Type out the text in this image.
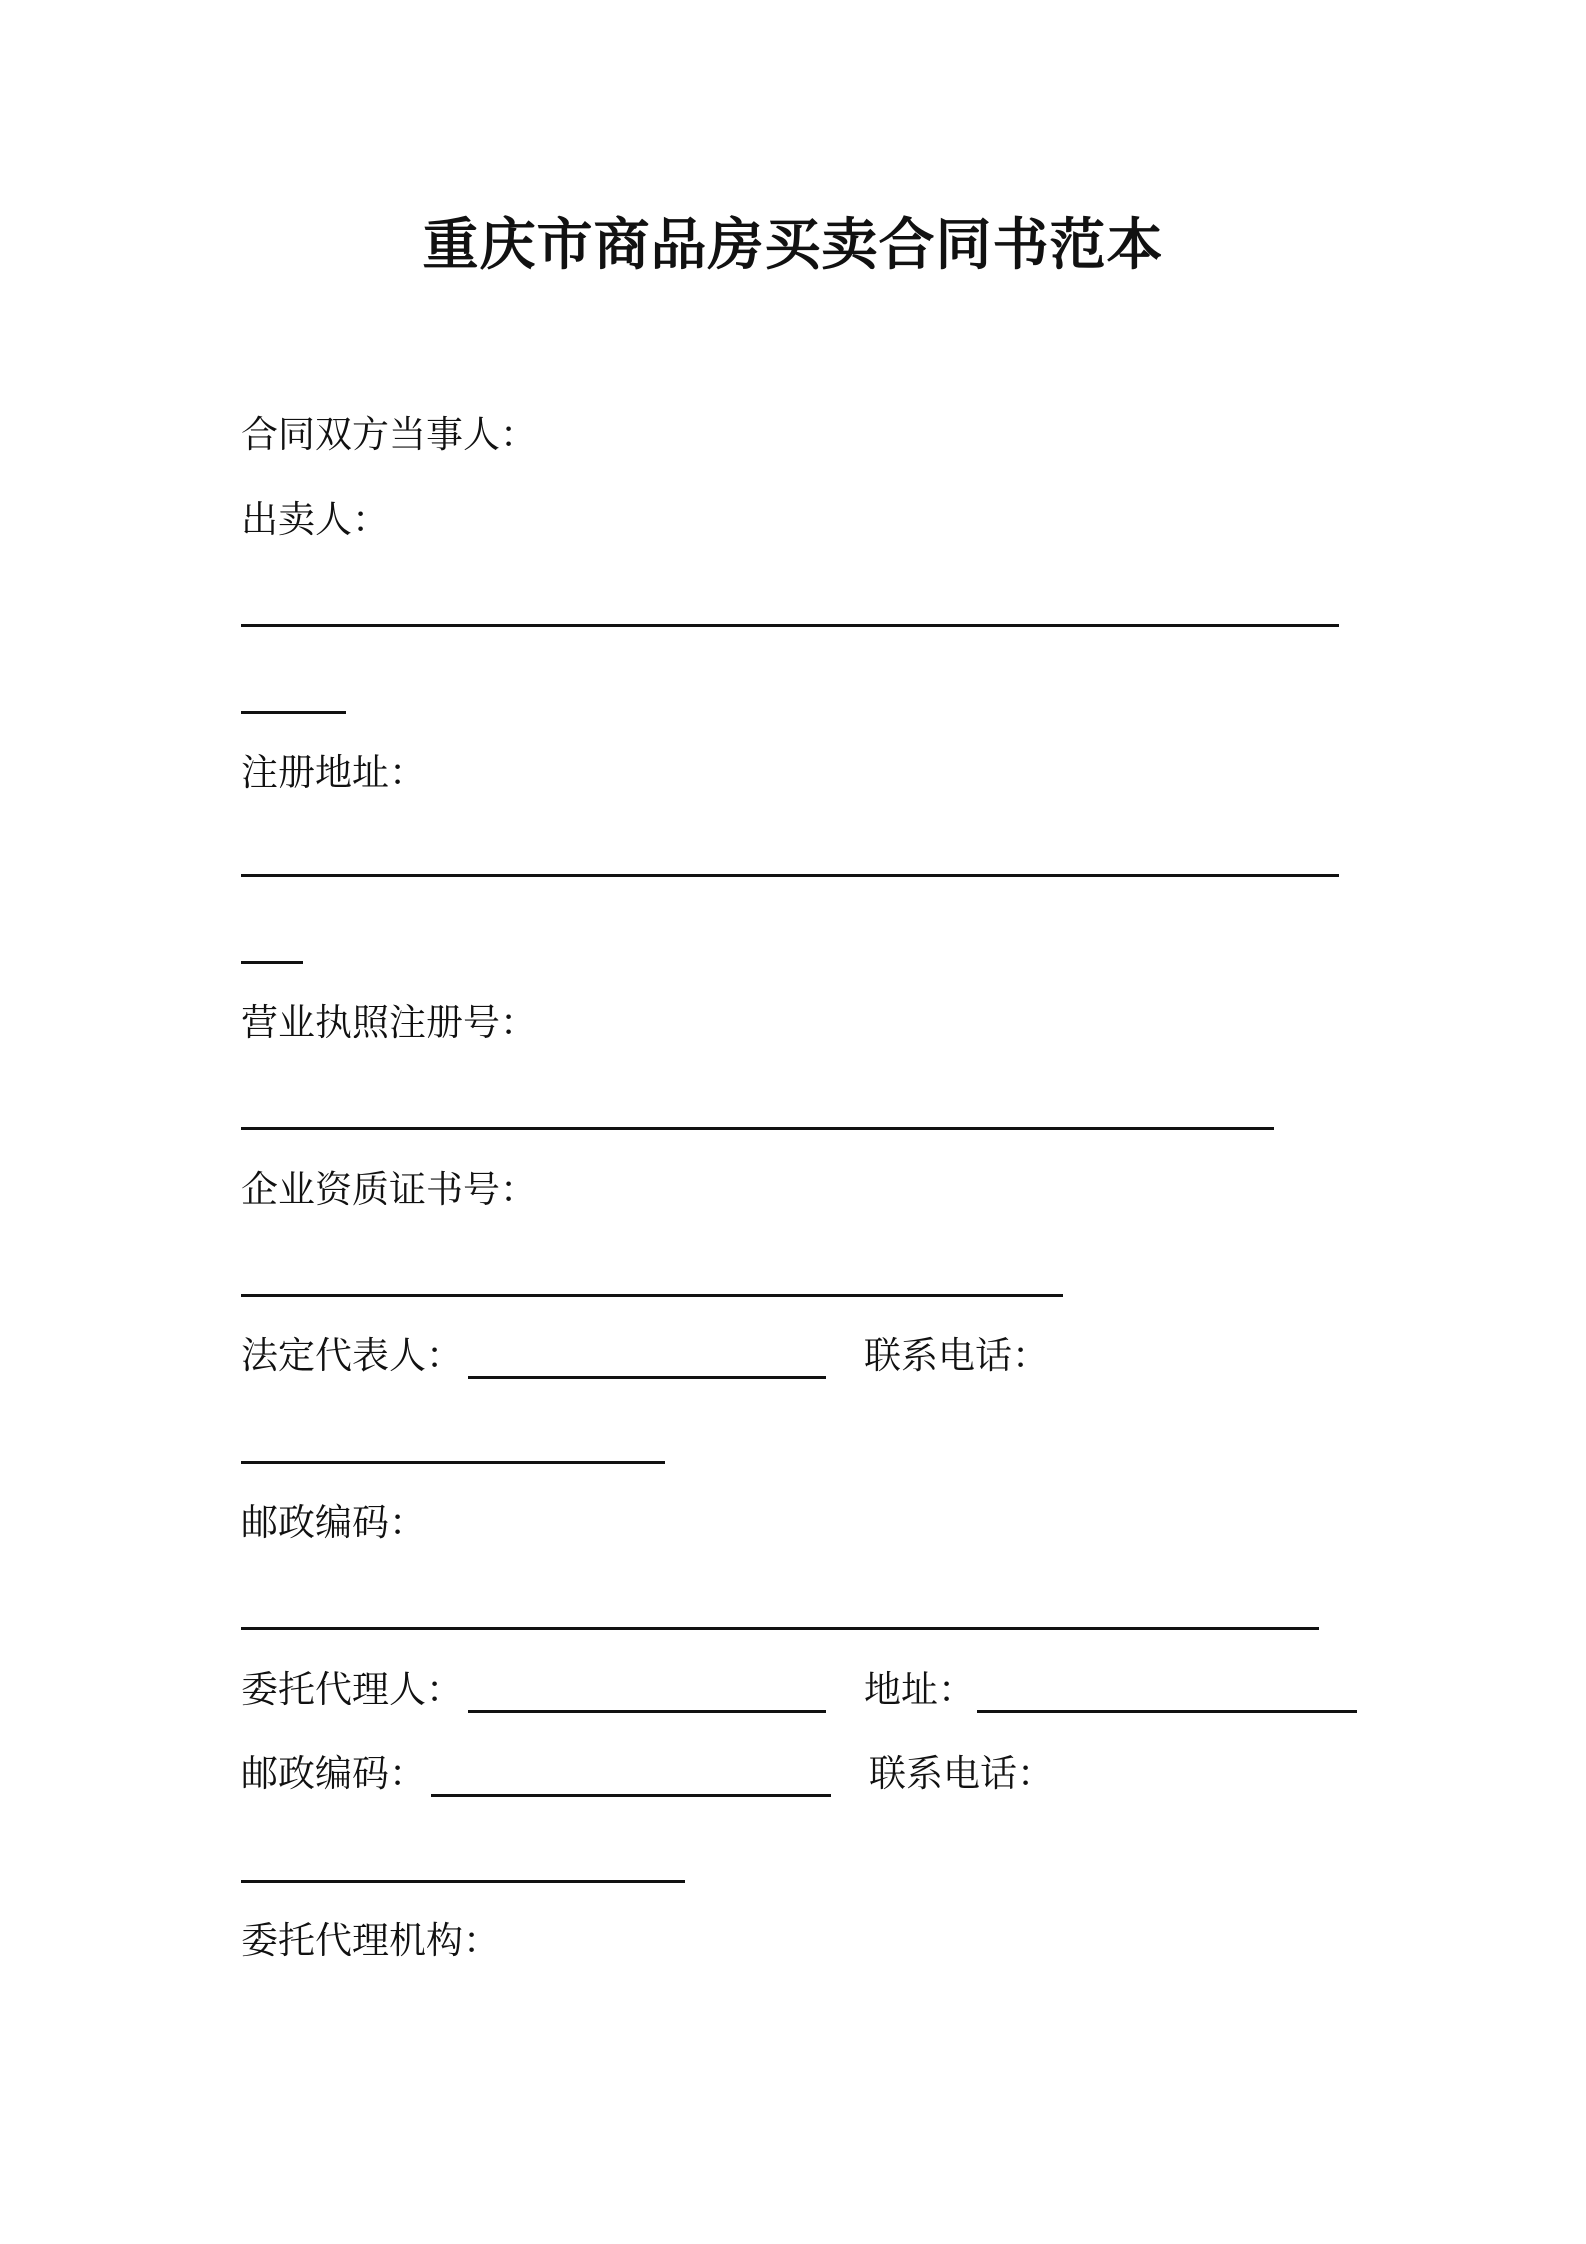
重庆市商品房买卖合同书范本
合同双方当事人：
出卖人：
注册地址：
营业执照注册号：
企业资质证书号：
法定代表人：	联系电话：
邮政编码：
委托代理人：	地址：
邮政编码：	联系电话：
委托代理机构：
